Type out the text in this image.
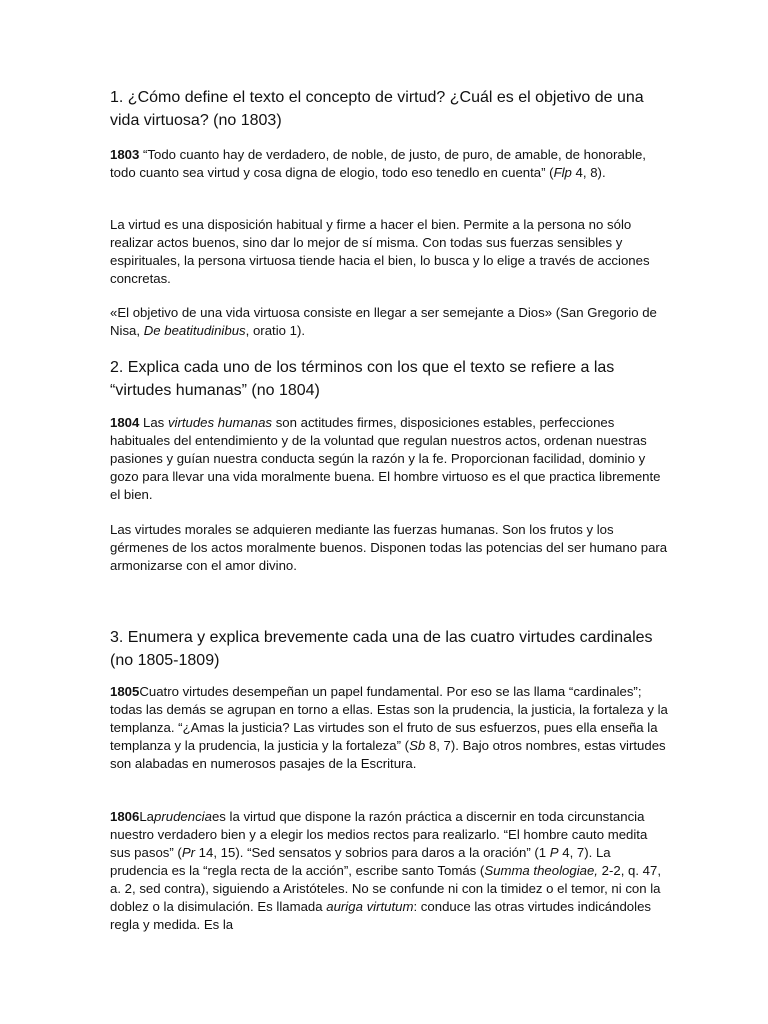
1. ¿Cómo define el texto el concepto de virtud? ¿Cuál es el objetivo de una vida virtuosa? (no 1803)

1803 “Todo cuanto hay de verdadero, de noble, de justo, de puro, de amable, de honorable, todo cuanto sea virtud y cosa digna de elogio, todo eso tenedlo en cuenta” (Flp 4, 8).

La virtud es una disposición habitual y firme a hacer el bien. Permite a la persona no sólo realizar actos buenos, sino dar lo mejor de sí misma. Con todas sus fuerzas sensibles y espirituales, la persona virtuosa tiende hacia el bien, lo busca y lo elige a través de acciones concretas.

«El objetivo de una vida virtuosa consiste en llegar a ser semejante a Dios» (San Gregorio de Nisa, De beatitudinibus, oratio 1).

2. Explica cada uno de los términos con los que el texto se refiere a las “virtudes humanas” (no 1804)

1804 Las virtudes humanas son actitudes firmes, disposiciones estables, perfecciones habituales del entendimiento y de la voluntad que regulan nuestros actos, ordenan nuestras pasiones y guían nuestra conducta según la razón y la fe. Proporcionan facilidad, dominio y gozo para llevar una vida moralmente buena. El hombre virtuoso es el que practica libremente el bien.

Las virtudes morales se adquieren mediante las fuerzas humanas. Son los frutos y los gérmenes de los actos moralmente buenos. Disponen todas las potencias del ser humano para armonizarse con el amor divino.

3. Enumera y explica brevemente cada una de las cuatro virtudes cardinales (no 1805-1809)

1805Cuatro virtudes desempeñan un papel fundamental. Por eso se las llama “cardinales”; todas las demás se agrupan en torno a ellas. Estas son la prudencia, la justicia, la fortaleza y la templanza. “¿Amas la justicia? Las virtudes son el fruto de sus esfuerzos, pues ella enseña la templanza y la prudencia, la justicia y la fortaleza” (Sb 8, 7). Bajo otros nombres, estas virtudes son alabadas en numerosos pasajes de la Escritura.

1806Laprudenciaes la virtud que dispone la razón práctica a discernir en toda circunstancia nuestro verdadero bien y a elegir los medios rectos para realizarlo. “El hombre cauto medita sus pasos” (Pr 14, 15). “Sed sensatos y sobrios para daros a la oración” (1 P 4, 7). La prudencia es la “regla recta de la acción”, escribe santo Tomás (Summa theologiae, 2-2, q. 47, a. 2, sed contra), siguiendo a Aristóteles. No se confunde ni con la timidez o el temor, ni con la doblez o la disimulación. Es llamada auriga virtutum: conduce las otras virtudes indicándoles regla y medida. Es la
